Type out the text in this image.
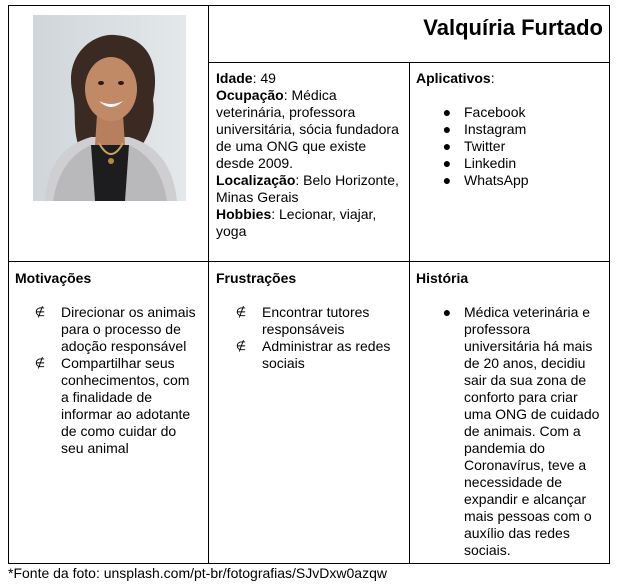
Valquíria Furtado
Idade: 49
Ocupação: Médica veterinária, professora universitária, sócia fundadora de uma ONG que existe desde 2009.
Localização: Belo Horizonte, Minas Gerais
Hobbies: Lecionar, viajar, yoga
Aplicativos:
● Facebook
● Instagram
● Twitter
● Linkedin
● WhatsApp
Motivações
∉ Direcionar os animais para o processo de adoção responsável
∉ Compartilhar seus conhecimentos, com a finalidade de informar ao adotante de como cuidar do seu animal
Frustrações
∉ Encontrar tutores responsáveis
∉ Administrar as redes sociais
História
● Médica veterinária e professora universitária há mais de 20 anos, decidiu sair da sua zona de conforto para criar uma ONG de cuidado de animais. Com a pandemia do Coronavírus, teve a necessidade de expandir e alcançar mais pessoas com o auxílio das redes sociais.
*Fonte da foto: unsplash.com/pt-br/fotografias/SJvDxw0azqw
